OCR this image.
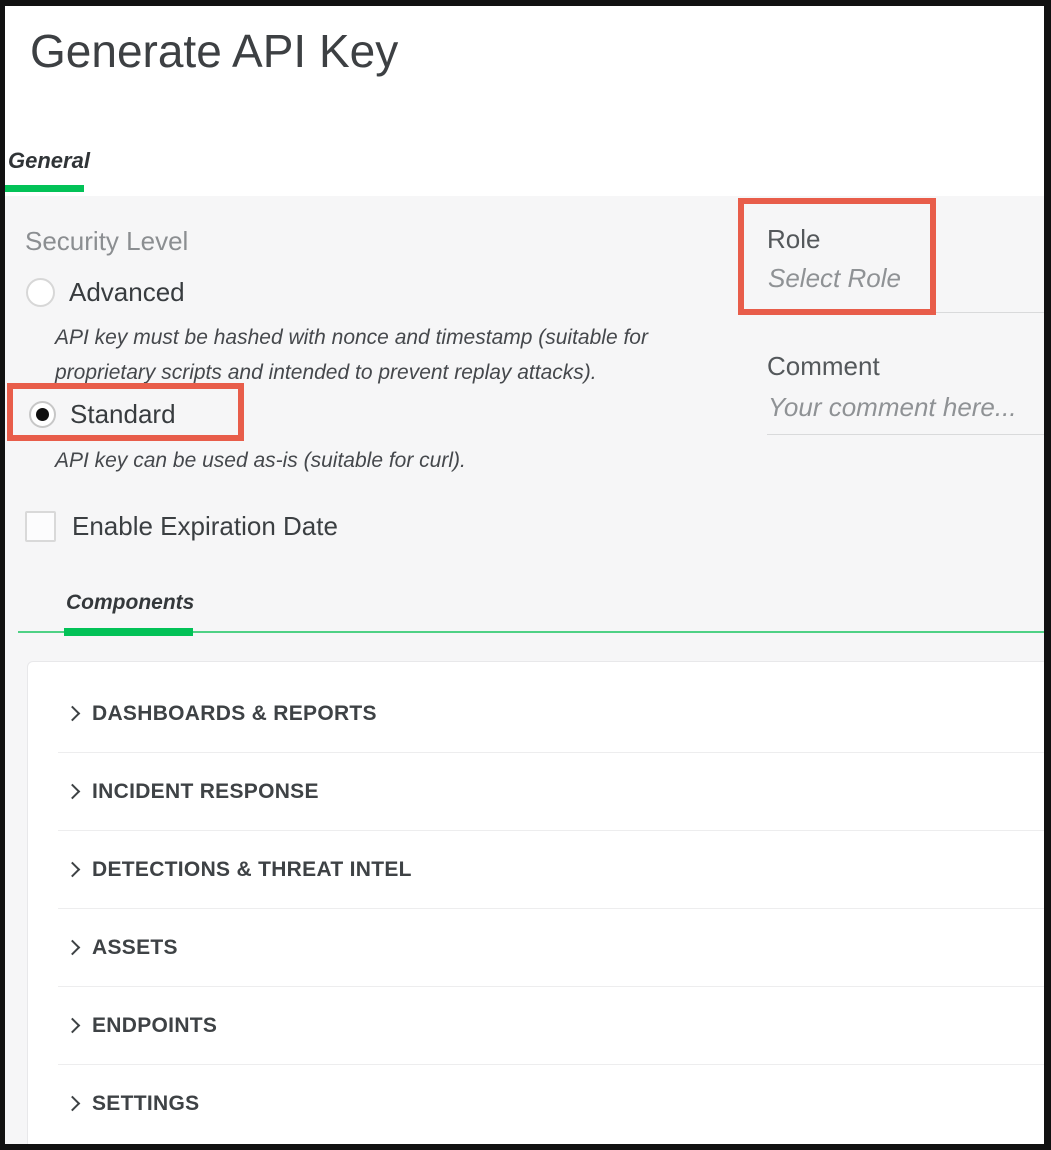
Generate API Key
General
Security Level
Advanced
API key must be hashed with nonce and timestamp (suitable for proprietary scripts and intended to prevent replay attacks).
Standard
API key can be used as-is (suitable for curl).
Enable Expiration Date
Role
Select Role
Comment
Your comment here...
Components
DASHBOARDS & REPORTS
INCIDENT RESPONSE
DETECTIONS & THREAT INTEL
ASSETS
ENDPOINTS
SETTINGS
